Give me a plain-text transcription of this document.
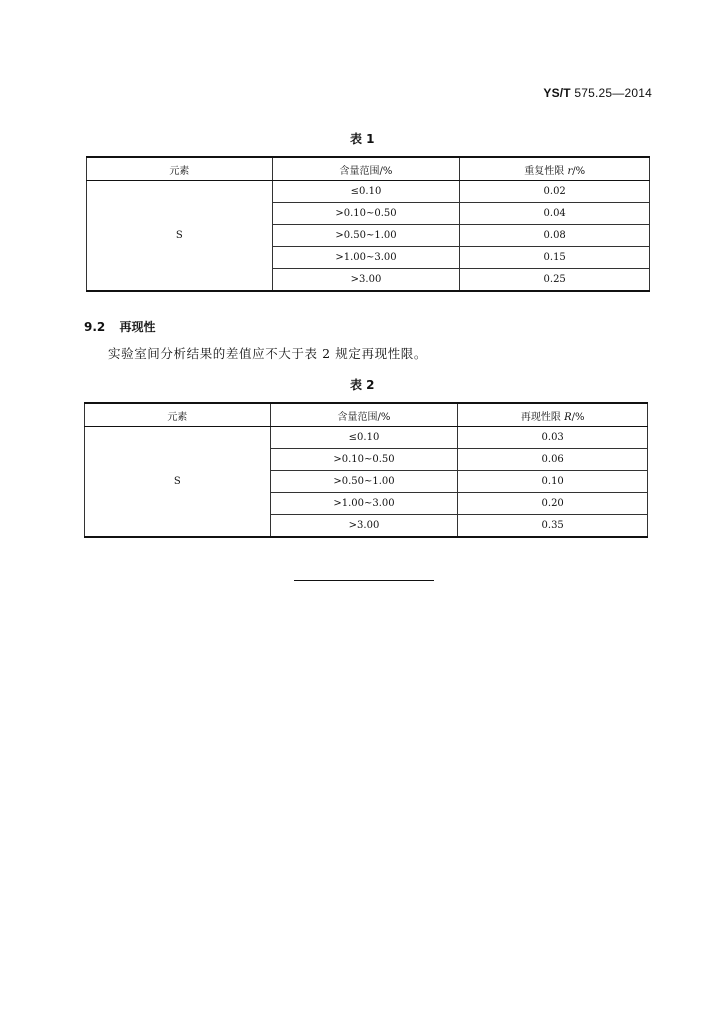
YS/T 575.25—2014
表 1
元素	含量范围/%	重复性限 r/%
S	≤0.10	0.02
	>0.10~0.50	0.04
	>0.50~1.00	0.08
	>1.00~3.00	0.15
	>3.00	0.25
9.2 再现性
实验室间分析结果的差值应不大于表 2 规定再现性限。
表 2
元素	含量范围/%	再现性限 R/%
S	≤0.10	0.03
	>0.10~0.50	0.06
	>0.50~1.00	0.10
	>1.00~3.00	0.20
	>3.00	0.35
